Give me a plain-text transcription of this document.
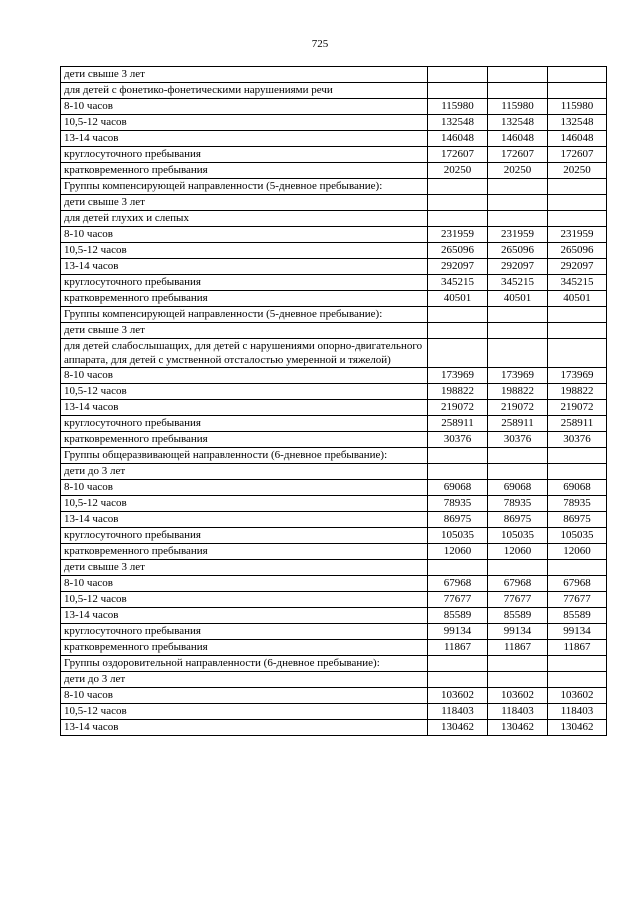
725
дети свыше 3 лет			
для детей с фонетико-фонетическими нарушениями речи			
8-10 часов	115980	115980	115980
10,5-12 часов	132548	132548	132548
13-14 часов	146048	146048	146048
круглосуточного пребывания	172607	172607	172607
кратковременного пребывания	20250	20250	20250
Группы компенсирующей направленности (5-дневное пребывание):			
дети свыше 3 лет			
для детей глухих и слепых			
8-10 часов	231959	231959	231959
10,5-12 часов	265096	265096	265096
13-14 часов	292097	292097	292097
круглосуточного пребывания	345215	345215	345215
кратковременного пребывания	40501	40501	40501
Группы компенсирующей направленности (5-дневное пребывание):			
дети свыше 3 лет			
для детей слабослышащих, для детей с нарушениями опорно-двигательного аппарата, для детей с умственной отсталостью умеренной и тяжелой)			
8-10 часов	173969	173969	173969
10,5-12 часов	198822	198822	198822
13-14 часов	219072	219072	219072
круглосуточного пребывания	258911	258911	258911
кратковременного пребывания	30376	30376	30376
Группы общеразвивающей направленности (6-дневное пребывание):			
дети до 3 лет			
8-10 часов	69068	69068	69068
10,5-12 часов	78935	78935	78935
13-14 часов	86975	86975	86975
круглосуточного пребывания	105035	105035	105035
кратковременного пребывания	12060	12060	12060
дети свыше 3 лет			
8-10 часов	67968	67968	67968
10,5-12 часов	77677	77677	77677
13-14 часов	85589	85589	85589
круглосуточного пребывания	99134	99134	99134
кратковременного пребывания	11867	11867	11867
Группы оздоровительной направленности (6-дневное пребывание):			
дети до 3 лет			
8-10 часов	103602	103602	103602
10,5-12 часов	118403	118403	118403
13-14 часов	130462	130462	130462
